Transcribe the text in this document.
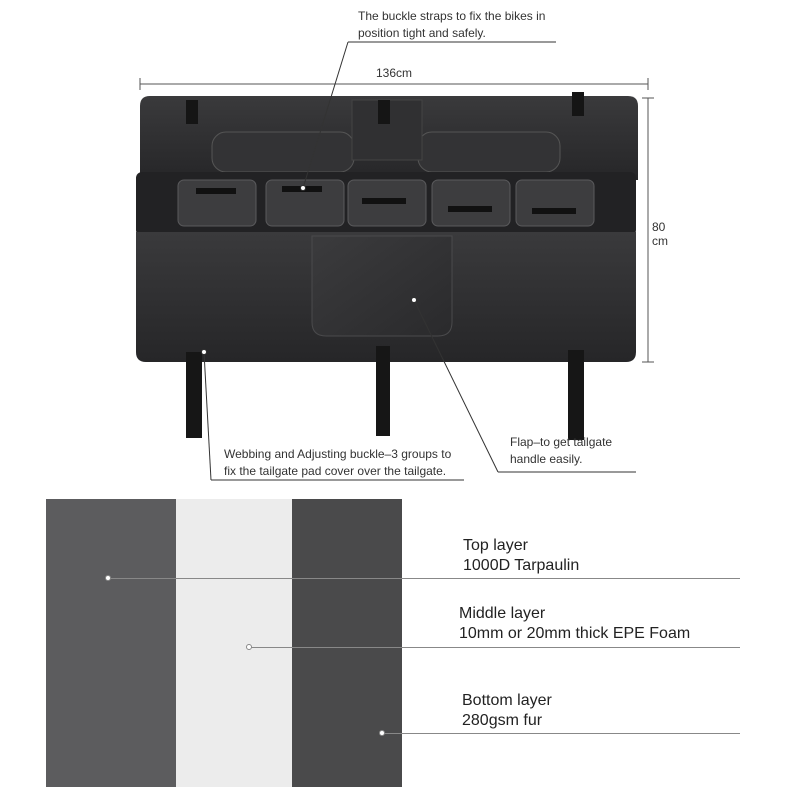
The buckle straps to fix the bikes in
position tight and safely.
136cm
80
cm
Webbing and Adjusting buckle–3 groups to
fix the tailgate pad cover over the tailgate.
Flap–to get tailgate
handle easily.
Top layer
1000D Tarpaulin
Middle layer
10mm or 20mm thick EPE Foam
Bottom layer
280gsm fur
